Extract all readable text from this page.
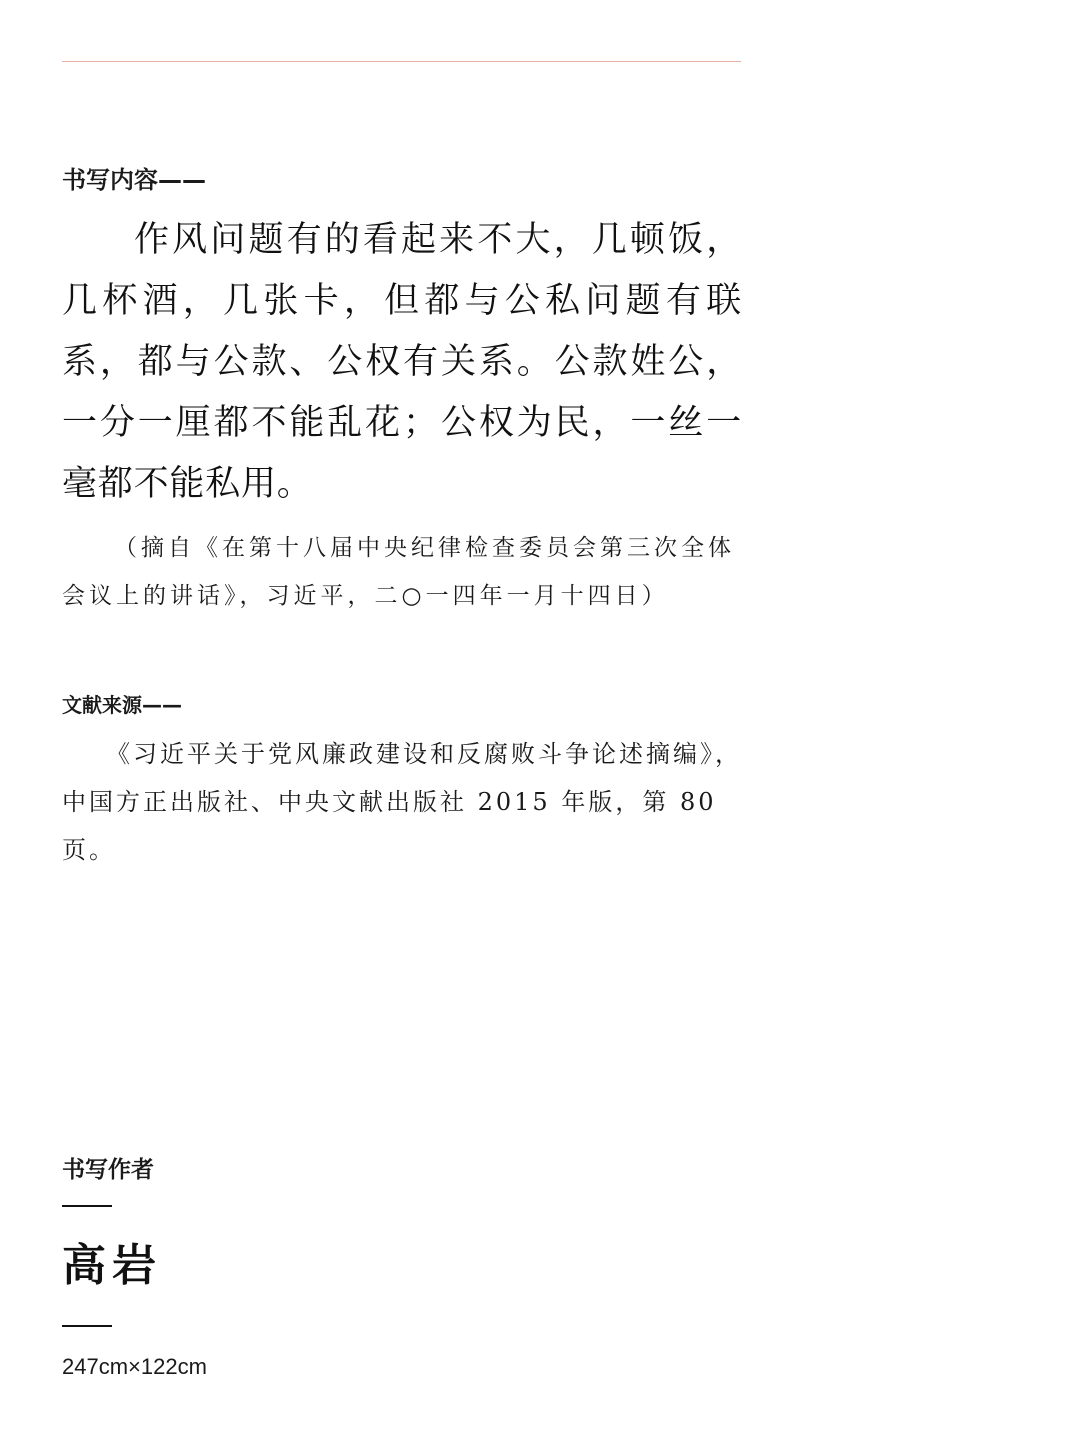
书写内容——

作风问题有的看起来不大，几顿饭，几杯酒，几张卡，但都与公私问题有联系，都与公款、公权有关系。公款姓公，一分一厘都不能乱花；公权为民，一丝一毫都不能私用。

（摘自《在第十八届中央纪律检查委员会第三次全体会议上的讲话》，习近平，二○一四年一月十四日）

文献来源——

《习近平关于党风廉政建设和反腐败斗争论述摘编》，中国方正出版社、中央文献出版社 2015 年版，第 80 页。

书写作者
高岩
247cm×122cm
